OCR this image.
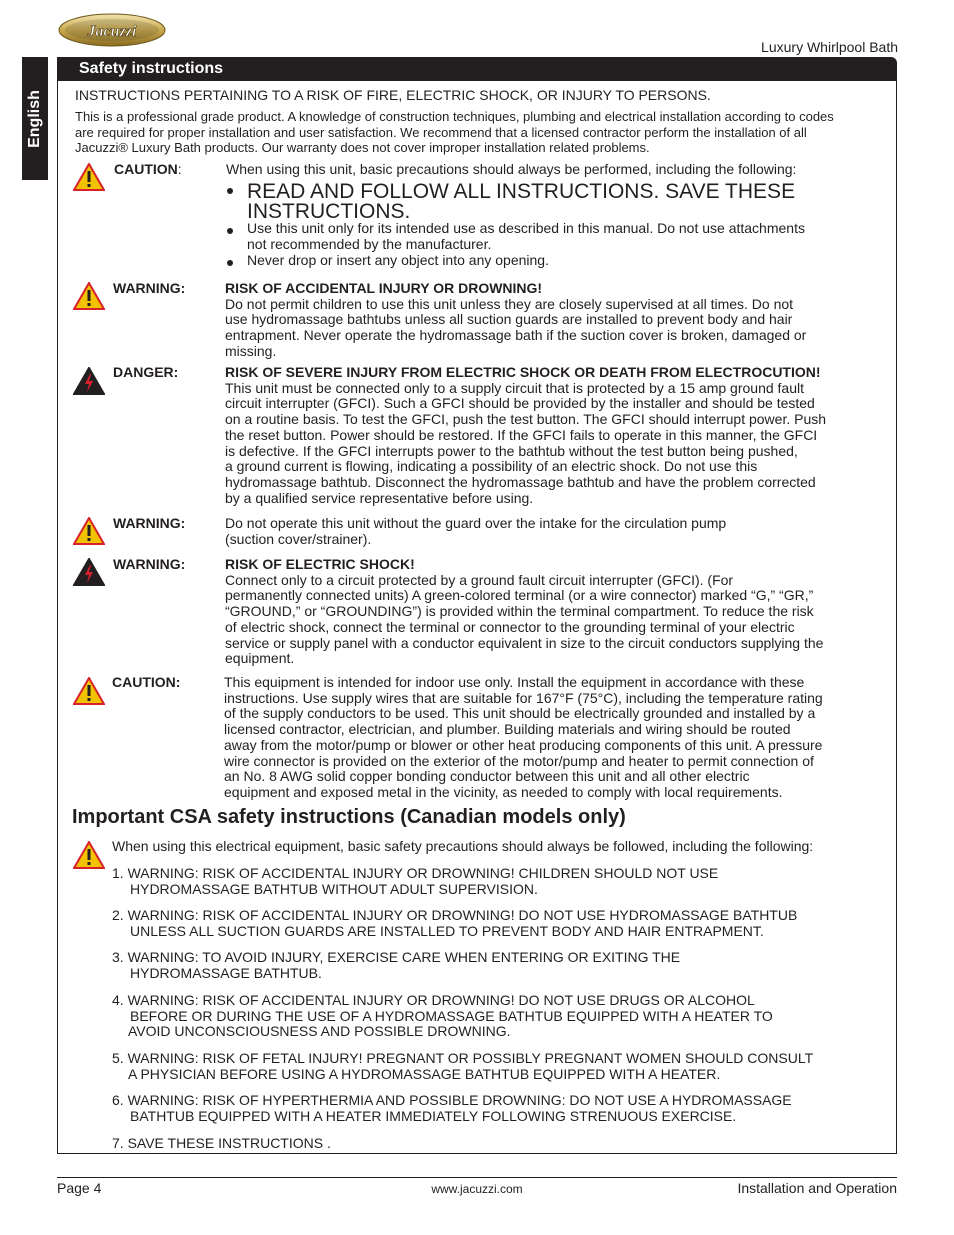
Jacuzzi
Luxury Whirlpool Bath
English
Safety instructions
INSTRUCTIONS PERTAINING TO A RISK OF FIRE, ELECTRIC SHOCK, OR INJURY TO PERSONS.

This is a professional grade product. A knowledge of construction techniques, plumbing and electrical installation according to codes

are required for proper installation and user satisfaction. We recommend that a licensed contractor perform the installation of all

Jacuzzi® Luxury Bath products. Our warranty does not cover improper installation related problems.

CAUTION:	When using this unit, basic precautions should always be performed, including the following:

READ AND FOLLOW ALL INSTRUCTIONS. SAVE THESE

INSTRUCTIONS.

Use this unit only for its intended use as described in this manual. Do not use attachments

not recommended by the manufacturer.

Never drop or insert any object into any opening.
WARNING:	RISK OF ACCIDENTAL INJURY OR DROWNING!

Do not permit children to use this unit unless they are closely supervised at all times. Do not

use hydromassage bathtubs unless all suction guards are installed to prevent body and hair

entrapment. Never operate the hydromassage bath if the suction cover is broken, damaged or

missing.

DANGER:	RISK OF SEVERE INJURY FROM ELECTRIC SHOCK OR DEATH FROM ELECTROCUTION!

This unit must be connected only to a supply circuit that is protected by a 15 amp ground fault

circuit interrupter (GFCI). Such a GFCI should be provided by the installer and should be tested

on a routine basis. To test the GFCI, push the test button. The GFCI should interrupt power. Push

the reset button. Power should be restored. If the GFCI fails to operate in this manner, the GFCI

is defective. If the GFCI interrupts power to the bathtub without the test button being pushed,

a ground current is flowing, indicating a possibility of an electric shock. Do not use this

hydromassage bathtub. Disconnect the hydromassage bathtub and have the problem corrected

by a qualified service representative before using.

WARNING:	Do not operate this unit without the guard over the intake for the circulation pump

(suction cover/strainer).

WARNING:	RISK OF ELECTRIC SHOCK!

Connect only to a circuit protected by a ground fault circuit interrupter (GFCI). (For

permanently connected units) A green-colored terminal (or a wire connector) marked “G,” “GR,”

“GROUND,” or “GROUNDING”) is provided within the terminal compartment. To reduce the risk

of electric shock, connect the terminal or connector to the grounding terminal of your electric

service or supply panel with a conductor equivalent in size to the circuit conductors supplying the

equipment.

CAUTION:	This equipment is intended for indoor use only. Install the equipment in accordance with these

instructions. Use supply wires that are suitable for 167°F (75°C), including the temperature rating

of the supply conductors to be used. This unit should be electrically grounded and installed by a

licensed contractor, electrician, and plumber. Building materials and wiring should be routed

away from the motor/pump or blower or other heat producing components of this unit. A pressure

wire connector is provided on the exterior of the motor/pump and heater to permit connection of

an No. 8 AWG solid copper bonding conductor between this unit and all other electric

equipment and exposed metal in the vicinity, as needed to comply with local requirements.

Important CSA safety instructions (Canadian models only)
When using this electrical equipment, basic safety precautions should always be followed, including the following:

1. WARNING: RISK OF ACCIDENTAL INJURY OR DROWNING! CHILDREN SHOULD NOT USE

HYDROMASSAGE BATHTUB WITHOUT ADULT SUPERVISION.

2. WARNING: RISK OF ACCIDENTAL INJURY OR DROWNING! DO NOT USE HYDROMASSAGE BATHTUB

UNLESS ALL SUCTION GUARDS ARE INSTALLED TO PREVENT BODY AND HAIR ENTRAPMENT.

3. WARNING: TO AVOID INJURY, EXERCISE CARE WHEN ENTERING OR EXITING THE

HYDROMASSAGE BATHTUB.

4. WARNING: RISK OF ACCIDENTAL INJURY OR DROWNING! DO NOT USE DRUGS OR ALCOHOL

BEFORE OR DURING THE USE OF A HYDROMASSAGE BATHTUB EQUIPPED WITH A HEATER TO

AVOID UNCONSCIOUSNESS AND POSSIBLE DROWNING.

5. WARNING: RISK OF FETAL INJURY! PREGNANT OR POSSIBLY PREGNANT WOMEN SHOULD CONSULT

A PHYSICIAN BEFORE USING A HYDROMASSAGE BATHTUB EQUIPPED WITH A HEATER.

6. WARNING: RISK OF HYPERTHERMIA AND POSSIBLE DROWNING: DO NOT USE A HYDROMASSAGE

BATHTUB EQUIPPED WITH A HEATER IMMEDIATELY FOLLOWING STRENUOUS EXERCISE.

7. SAVE THESE INSTRUCTIONS .

Page 4	www.jacuzzi.com	Installation and Operation
